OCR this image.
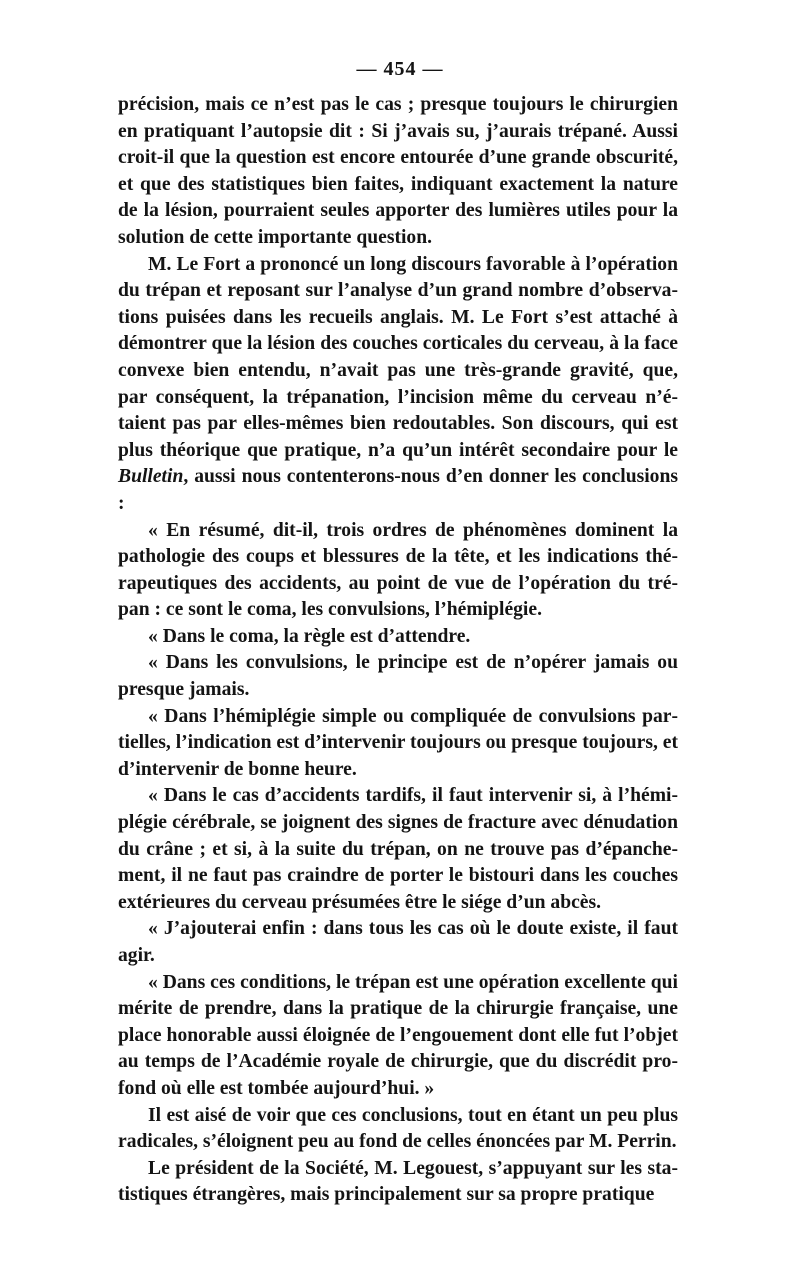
— 454 —

précision, mais ce n’est pas le cas ; presque toujours le chirurgien en pratiquant l’autopsie dit : Si j’avais su, j’aurais trépané. Aussi croit-il que la question est encore entourée d’une grande obscurité, et que des statistiques bien faites, indiquant exactement la nature de la lésion, pourraient seules apporter des lumières utiles pour la solution de cette importante question.

M. Le Fort a prononcé un long discours favorable à l’opération du trépan et reposant sur l’analyse d’un grand nombre d’observations puisées dans les recueils anglais. M. Le Fort s’est attaché à démontrer que la lésion des couches corticales du cerveau, à la face convexe bien entendu, n’avait pas une très-grande gravité, que, par conséquent, la trépanation, l’incision même du cerveau n’étaient pas par elles-mêmes bien redoutables. Son discours, qui est plus théorique que pratique, n’a qu’un intérêt secondaire pour le Bulletin, aussi nous contenterons-nous d’en donner les conclusions :

« En résumé, dit-il, trois ordres de phénomènes dominent la pathologie des coups et blessures de la tête, et les indications thérapeutiques des accidents, au point de vue de l’opération du trépan : ce sont le coma, les convulsions, l’hémiplégie.

« Dans le coma, la règle est d’attendre.

« Dans les convulsions, le principe est de n’opérer jamais ou presque jamais.

« Dans l’hémiplégie simple ou compliquée de convulsions partielles, l’indication est d’intervenir toujours ou presque toujours, et d’intervenir de bonne heure.

« Dans le cas d’accidents tardifs, il faut intervenir si, à l’hémiplégie cérébrale, se joignent des signes de fracture avec dénudation du crâne ; et si, à la suite du trépan, on ne trouve pas d’épanchement, il ne faut pas craindre de porter le bistouri dans les couches extérieures du cerveau présumées être le siége d’un abcès.

« J’ajouterai enfin : dans tous les cas où le doute existe, il faut agir.

« Dans ces conditions, le trépan est une opération excellente qui mérite de prendre, dans la pratique de la chirurgie française, une place honorable aussi éloignée de l’engouement dont elle fut l’objet au temps de l’Académie royale de chirurgie, que du discrédit profond où elle est tombée aujourd’hui. »

Il est aisé de voir que ces conclusions, tout en étant un peu plus radicales, s’éloignent peu au fond de celles énoncées par M. Perrin.

Le président de la Société, M. Legouest, s’appuyant sur les statistiques étrangères, mais principalement sur sa propre pratique
